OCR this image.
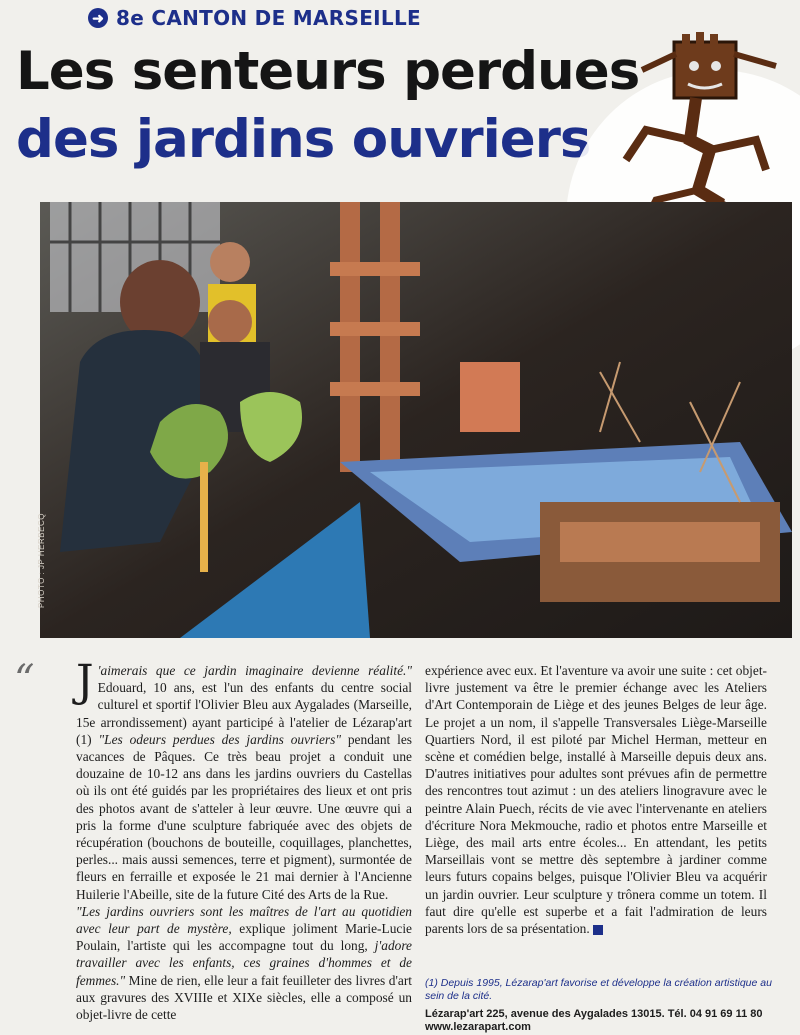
➜ 8e CANTON DE MARSEILLE
Les senteurs perdues
des jardins ouvriers
PHOTO : JP HERBECQ
“ J 'aimerais que ce jardin imaginaire devienne réalité." Edouard, 10 ans, est l'un des enfants du centre social culturel et sportif l'Olivier Bleu aux Aygalades (Marseille, 15e arrondissement) ayant participé à l'atelier de Lézarap'art (1) "Les odeurs perdues des jardins ouvriers" pendant les vacances de Pâques. Ce très beau projet a conduit une douzaine de 10-12 ans dans les jardins ouvriers du Castellas où ils ont été guidés par les propriétaires des lieux et ont pris des photos avant de s'atteler à leur œuvre. Une œuvre qui a pris la forme d'une sculpture fabriquée avec des objets de récupération (bouchons de bouteille, coquillages, planchettes, perles... mais aussi semences, terre et pigment), surmontée de fleurs en ferraille et exposée le 21 mai dernier à l'Ancienne Huilerie l'Abeille, site de la future Cité des Arts de la Rue.

"Les jardins ouvriers sont les maîtres de l'art au quotidien avec leur part de mystère, explique joliment Marie-Lucie Poulain, l'artiste qui les accompagne tout du long, j'adore travailler avec les enfants, ces graines d'hommes et de femmes." Mine de rien, elle leur a fait feuilleter des livres d'art aux gravures des XVIIIe et XIXe siècles, elle a composé un objet-livre de cette

expérience avec eux. Et l'aventure va avoir une suite : cet objet-livre justement va être le premier échange avec les Ateliers d'Art Contemporain de Liège et des jeunes Belges de leur âge. Le projet a un nom, il s'appelle Transversales Liège-Marseille Quartiers Nord, il est piloté par Michel Herman, metteur en scène et comédien belge, installé à Marseille depuis deux ans. D'autres initiatives pour adultes sont prévues afin de permettre des rencontres tout azimut : un des ateliers linogravure avec le peintre Alain Puech, récits de vie avec l'intervenante en ateliers d'écriture Nora Mekmouche, radio et photos entre Marseille et Liège, des mail arts entre écoles... En attendant, les petits Marseillais vont se mettre dès septembre à jardiner comme leurs futurs copains belges, puisque l'Olivier Bleu va acquérir un jardin ouvrier. Leur sculpture y trônera comme un totem. Il faut dire qu'elle est superbe et a fait l'admiration de leurs parents lors de sa présentation.

(1) Depuis 1995, Lézarap'art favorise et développe la création artistique au sein de la cité.
Lézarap'art 225, avenue des Aygalades 13015. Tél. 04 91 69 11 80
www.lezarapart.com
